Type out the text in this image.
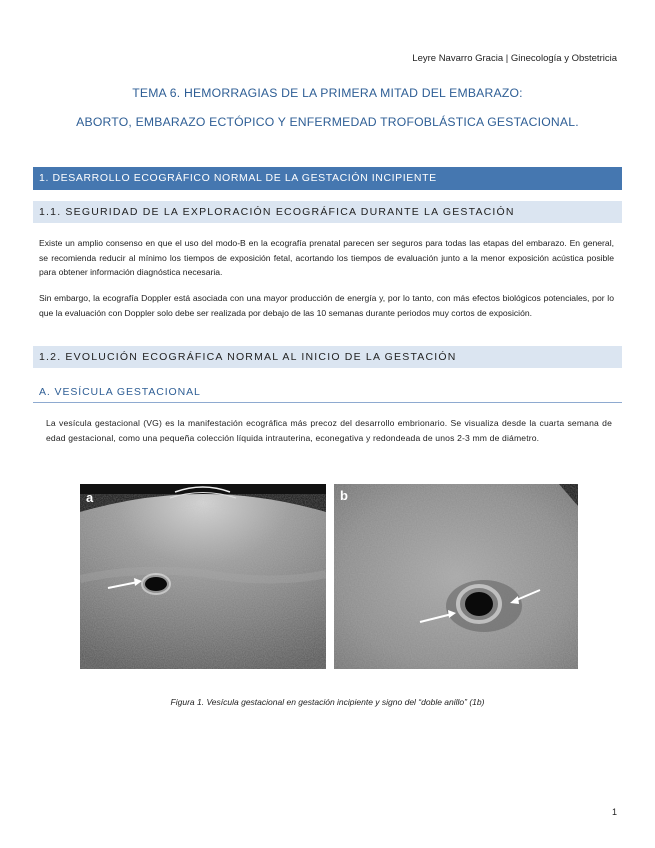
Leyre Navarro Gracia | Ginecología y Obstetricia
TEMA 6. HEMORRAGIAS DE LA PRIMERA MITAD DEL EMBARAZO:
ABORTO, EMBARAZO ECTÓPICO Y ENFERMEDAD TROFOBLÁSTICA GESTACIONAL.
1. DESARROLLO ECOGRÁFICO NORMAL DE LA GESTACIÓN INCIPIENTE
1.1. SEGURIDAD DE LA EXPLORACIÓN ECOGRÁFICA DURANTE LA GESTACIÓN
Existe un amplio consenso en que el uso del modo-B en la ecografía prenatal parecen ser seguros para todas las etapas del embarazo. En general, se recomienda reducir al mínimo los tiempos de exposición fetal, acortando los tiempos de evaluación junto a la menor exposición acústica posible para obtener información diagnóstica necesaria.
Sin embargo, la ecografía Doppler está asociada con una mayor producción de energía y, por lo tanto, con más efectos biológicos potenciales, por lo que la evaluación con Doppler solo debe ser realizada por debajo de las 10 semanas durante periodos muy cortos de exposición.
1.2. EVOLUCIÓN ECOGRÁFICA NORMAL AL INICIO DE LA GESTACIÓN
A. VESÍCULA GESTACIONAL
La vesícula gestacional (VG) es la manifestación ecográfica más precoz del desarrollo embrionario. Se visualiza desde la cuarta semana de edad gestacional, como una pequeña colección líquida intrauterina, econegativa y redondeada de unos 2-3 mm de diámetro.
a	b
Figura 1. Vesícula gestacional en gestación incipiente y signo del “doble anillo” (1b)
1
